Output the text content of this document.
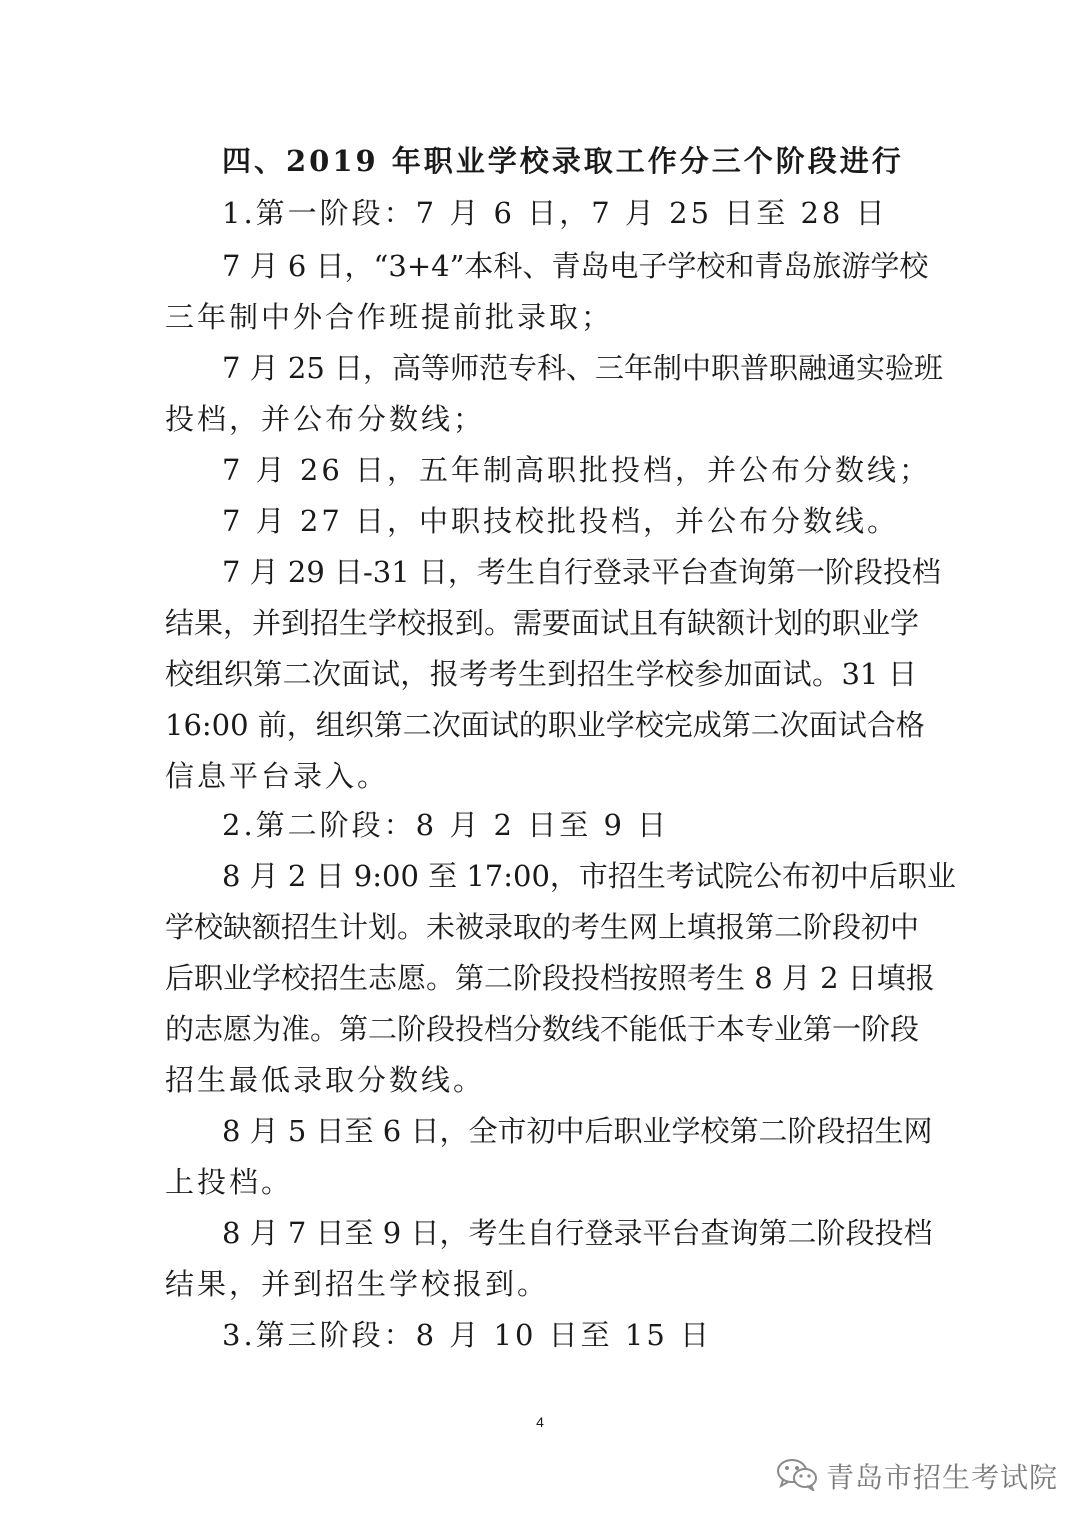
四、2019 年职业学校录取工作分三个阶段进行
1.第一阶段：7 月 6 日，7 月 25 日至 28 日
7 月 6 日，“3+4”本科、青岛电子学校和青岛旅游学校
三年制中外合作班提前批录取；
7 月 25 日，高等师范专科、三年制中职普职融通实验班
投档，并公布分数线；
7 月 26 日，五年制高职批投档，并公布分数线；
7 月 27 日，中职技校批投档，并公布分数线。
7 月 29 日-31 日，考生自行登录平台查询第一阶段投档
结果，并到招生学校报到。需要面试且有缺额计划的职业学
校组织第二次面试，报考考生到招生学校参加面试。31 日
16:00 前，组织第二次面试的职业学校完成第二次面试合格
信息平台录入。
2.第二阶段：8 月 2 日至 9 日
8 月 2 日 9:00 至 17:00，市招生考试院公布初中后职业
学校缺额招生计划。未被录取的考生网上填报第二阶段初中
后职业学校招生志愿。第二阶段投档按照考生 8 月 2 日填报
的志愿为准。第二阶段投档分数线不能低于本专业第一阶段
招生最低录取分数线。
8 月 5 日至 6 日，全市初中后职业学校第二阶段招生网
上投档。
8 月 7 日至 9 日，考生自行登录平台查询第二阶段投档
结果，并到招生学校报到。
3.第三阶段：8 月 10 日至 15 日
4
青岛市招生考试院
